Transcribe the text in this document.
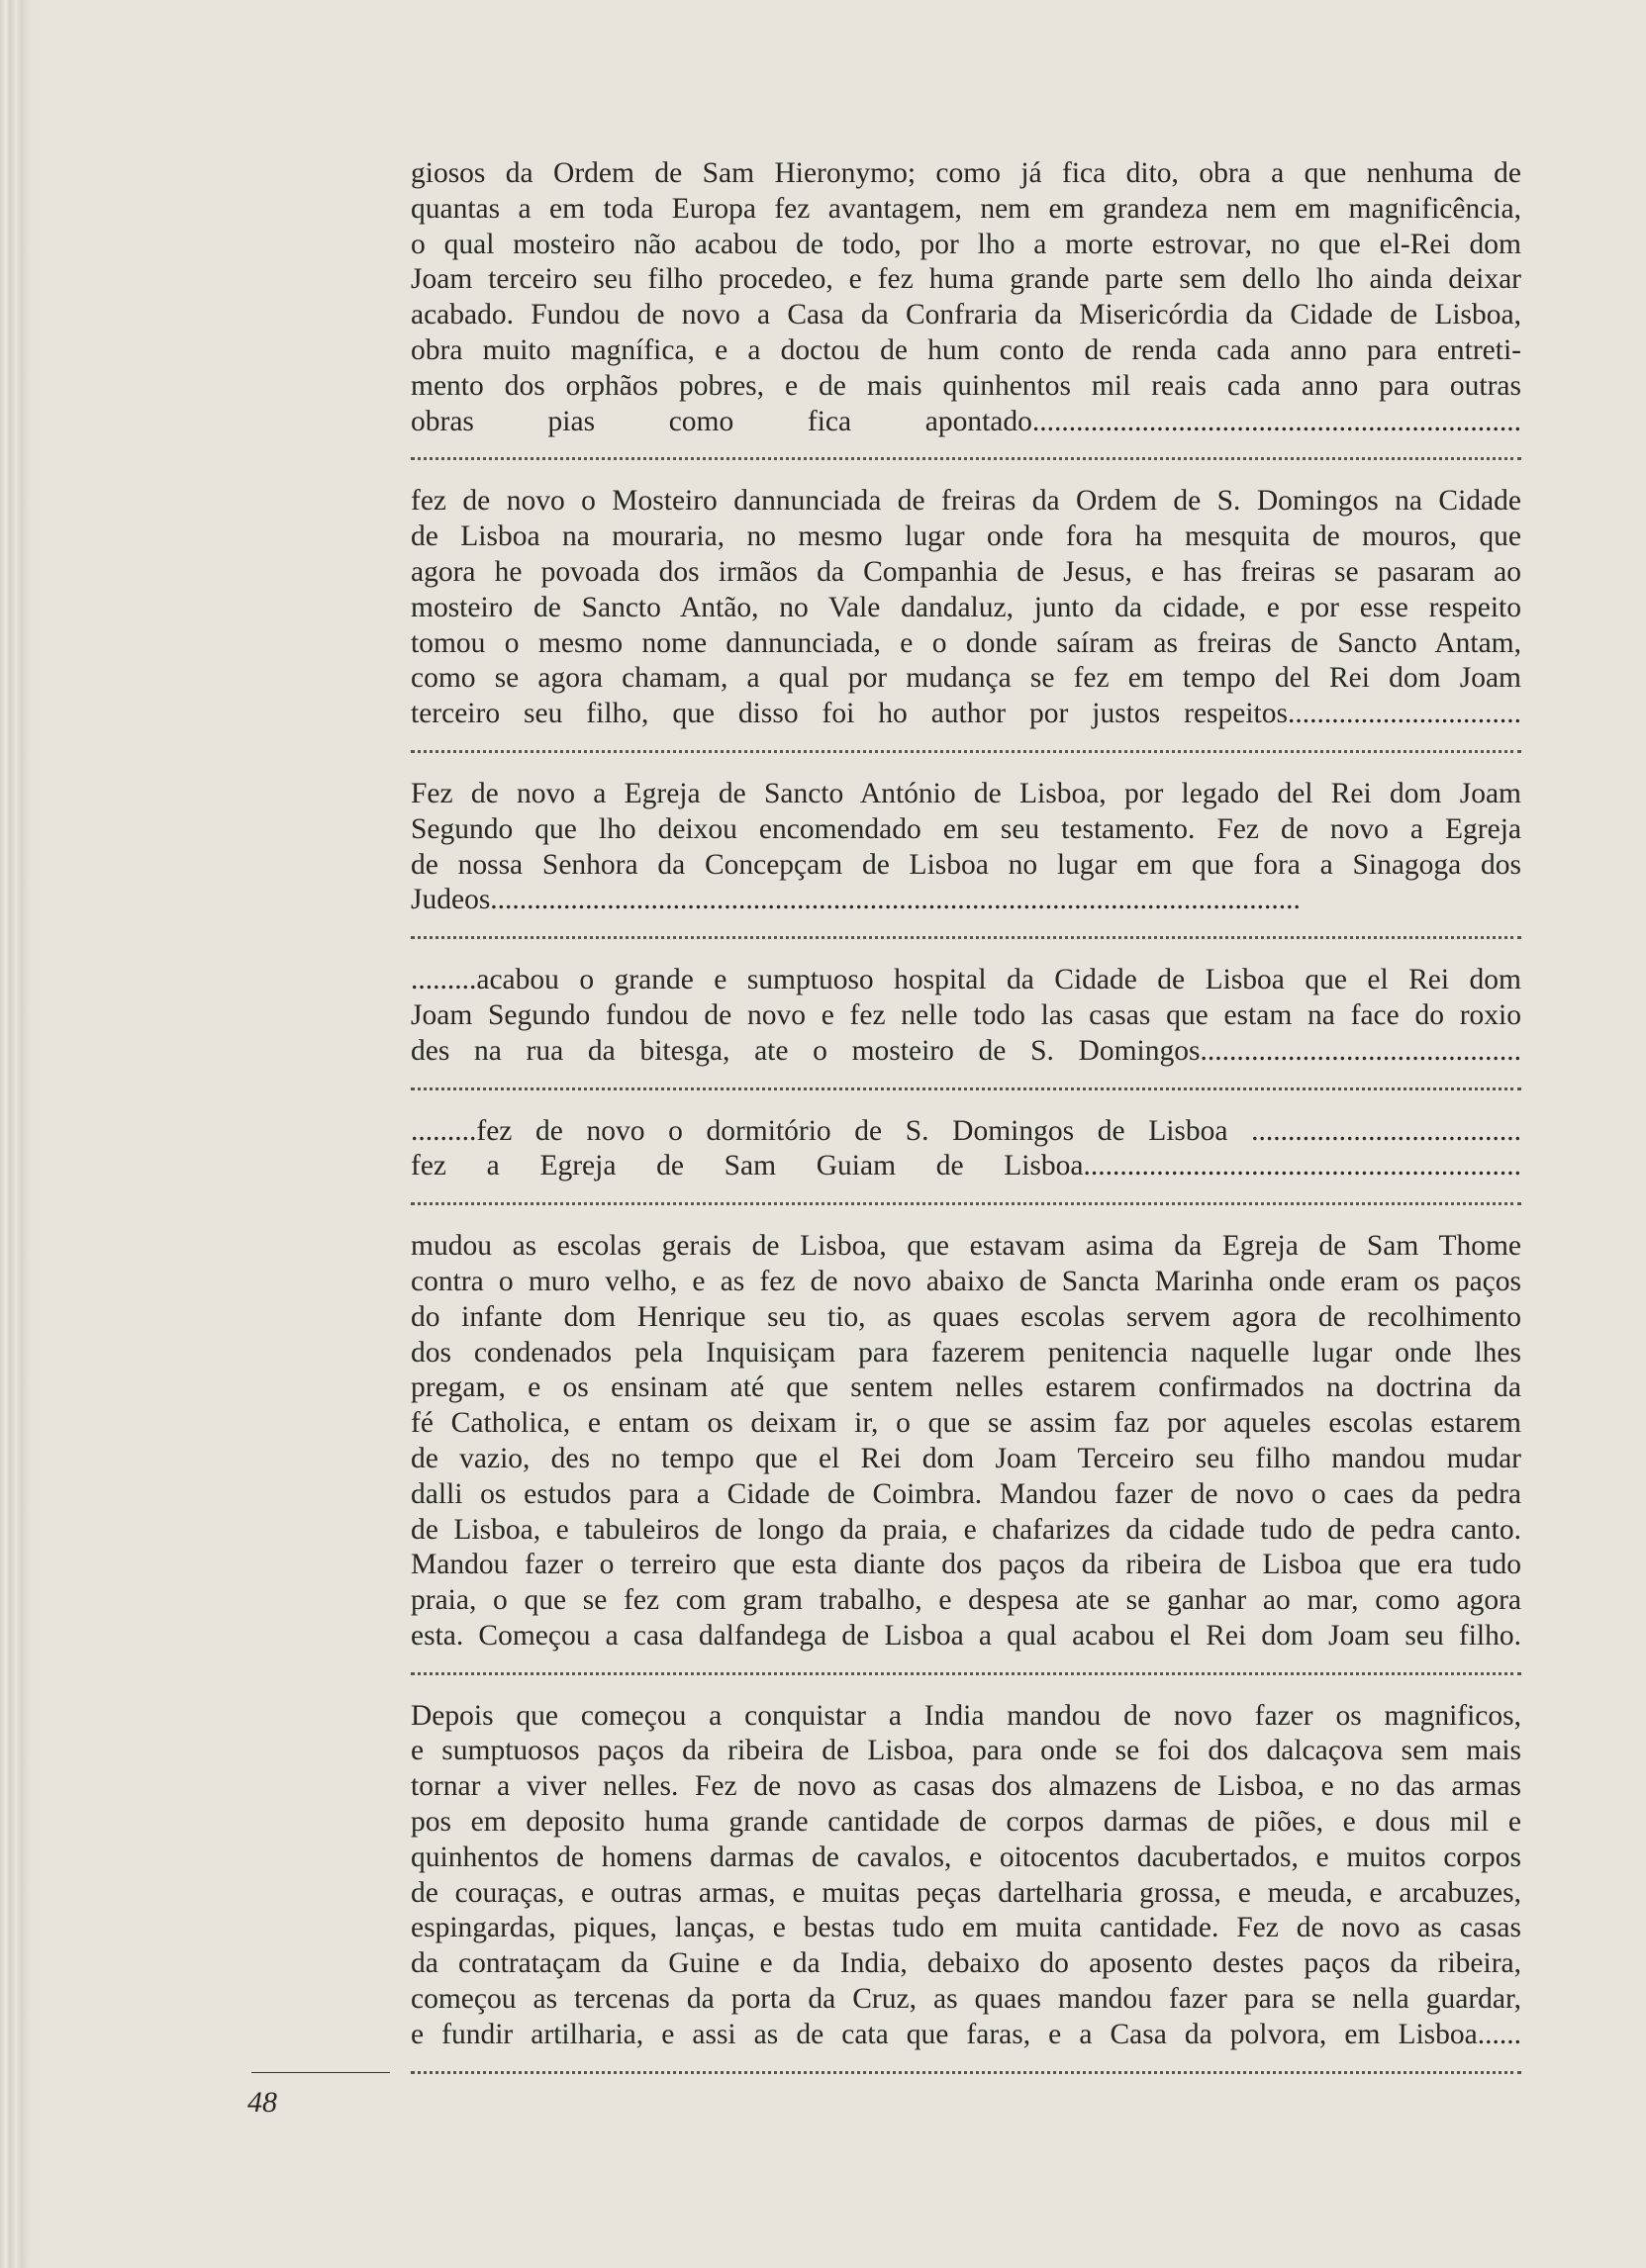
giosos da Ordem de Sam Hieronymo; como já fica dito, obra a que nenhuma de
quantas a em toda Europa fez avantagem, nem em grandeza nem em magnificência,
o qual mosteiro não acabou de todo, por lho a morte estrovar, no que el-Rei dom
Joam terceiro seu filho procedeo, e fez huma grande parte sem dello lho ainda deixar
acabado. Fundou de novo a Casa da Confraria da Misericórdia da Cidade de Lisboa,
obra muito magnífica, e a doctou de hum conto de renda cada anno para entreti-
mento dos orphãos pobres, e de mais quinhentos mil reais cada anno para outras
obras pias como fica apontado...................................................................
fez de novo o Mosteiro dannunciada de freiras da Ordem de S. Domingos na Cidade
de Lisboa na mouraria, no mesmo lugar onde fora ha mesquita de mouros, que
agora he povoada dos irmãos da Companhia de Jesus, e has freiras se pasaram ao
mosteiro de Sancto Antão, no Vale dandaluz, junto da cidade, e por esse respeito
tomou o mesmo nome dannunciada, e o donde saíram as freiras de Sancto Antam,
como se agora chamam, a qual por mudança se fez em tempo del Rei dom Joam
terceiro seu filho, que disso foi ho author por justos respeitos................................
Fez de novo a Egreja de Sancto António de Lisboa, por legado del Rei dom Joam
Segundo que lho deixou encomendado em seu testamento. Fez de novo a Egreja
de nossa Senhora da Concepçam de Lisboa no lugar em que fora a Sinagoga dos
Judeos...............................................................................................................
.........acabou o grande e sumptuoso hospital da Cidade de Lisboa que el Rei dom
Joam Segundo fundou de novo e fez nelle todo las casas que estam na face do roxio
des na rua da bitesga, ate o mosteiro de S. Domingos............................................
.........fez de novo o dormitório de S. Domingos de Lisboa .....................................
fez a Egreja de Sam Guiam de Lisboa............................................................
mudou as escolas gerais de Lisboa, que estavam asima da Egreja de Sam Thome
contra o muro velho, e as fez de novo abaixo de Sancta Marinha onde eram os paços
do infante dom Henrique seu tio, as quaes escolas servem agora de recolhimento
dos condenados pela Inquisiçam para fazerem penitencia naquelle lugar onde lhes
pregam, e os ensinam até que sentem nelles estarem confirmados na doctrina da
fé Catholica, e entam os deixam ir, o que se assim faz por aqueles escolas estarem
de vazio, des no tempo que el Rei dom Joam Terceiro seu filho mandou mudar
dalli os estudos para a Cidade de Coimbra. Mandou fazer de novo o caes da pedra
de Lisboa, e tabuleiros de longo da praia, e chafarizes da cidade tudo de pedra canto.
Mandou fazer o terreiro que esta diante dos paços da ribeira de Lisboa que era tudo
praia, o que se fez com gram trabalho, e despesa ate se ganhar ao mar, como agora
esta. Começou a casa dalfandega de Lisboa a qual acabou el Rei dom Joam seu filho.
Depois que começou a conquistar a India mandou de novo fazer os magnificos,
e sumptuosos paços da ribeira de Lisboa, para onde se foi dos dalcaçova sem mais
tornar a viver nelles. Fez de novo as casas dos almazens de Lisboa, e no das armas
pos em deposito huma grande cantidade de corpos darmas de piões, e dous mil e
quinhentos de homens darmas de cavalos, e oitocentos dacubertados, e muitos corpos
de couraças, e outras armas, e muitas peças dartelharia grossa, e meuda, e arcabuzes,
espingardas, piques, lanças, e bestas tudo em muita cantidade. Fez de novo as casas
da contrataçam da Guine e da India, debaixo do aposento destes paços da ribeira,
começou as tercenas da porta da Cruz, as quaes mandou fazer para se nella guardar,
e fundir artilharia, e assi as de cata que faras, e a Casa da polvora, em Lisboa......
48
